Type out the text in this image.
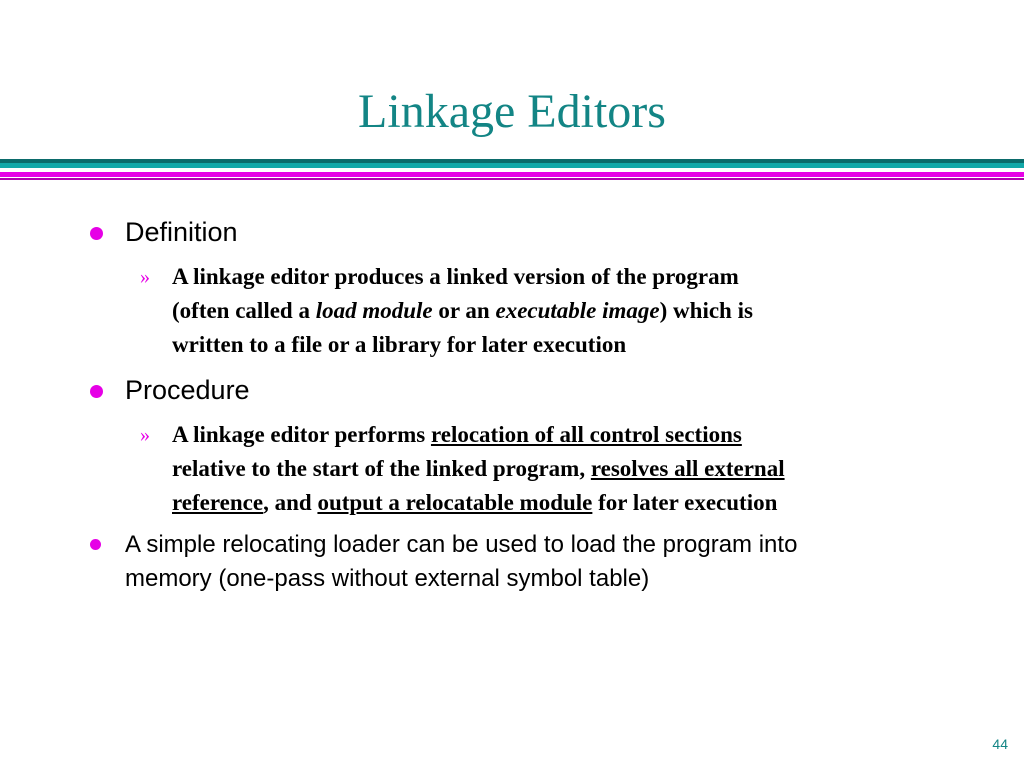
Linkage Editors
Definition
» A linkage editor produces a linked version of the program
(often called a load module or an executable image) which is
written to a file or a library for later execution
Procedure
» A linkage editor performs relocation of all control sections
relative to the start of the linked program, resolves all external
reference, and output a relocatable module for later execution
A simple relocating loader can be used to load the program into
memory (one-pass without external symbol table)
44
